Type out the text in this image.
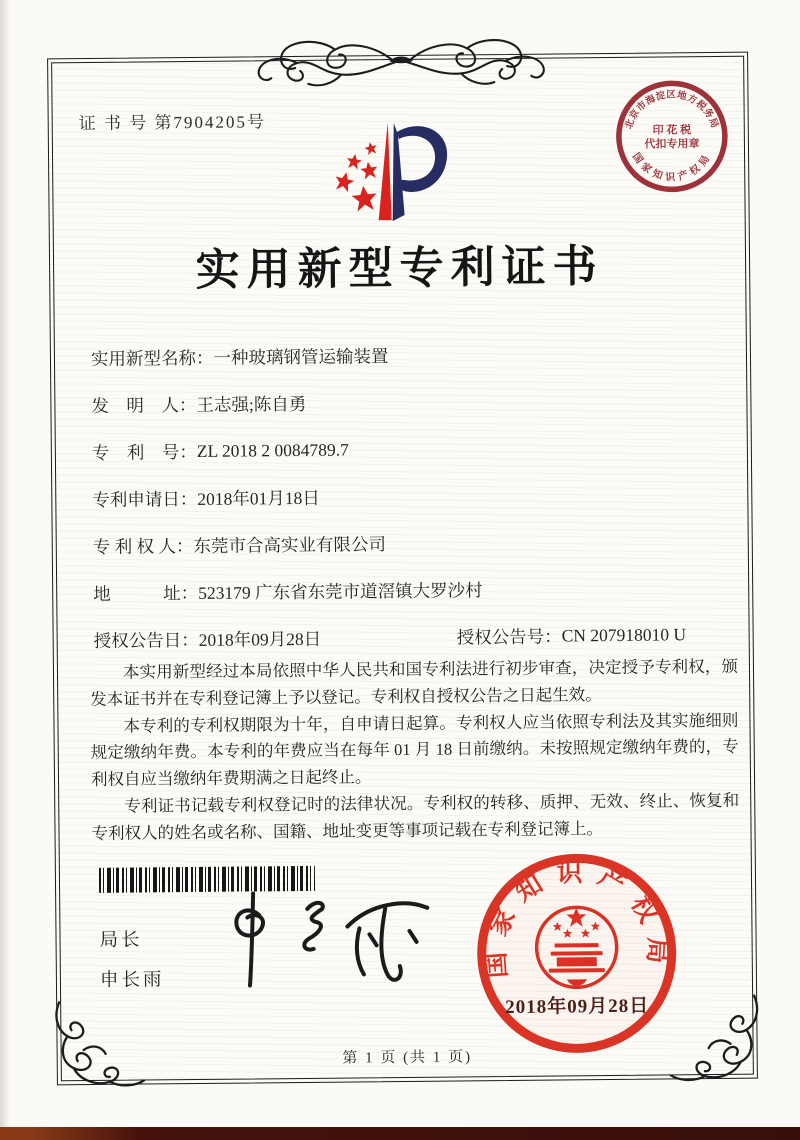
证 书 号 第7904205号	北京市海淀区地方税务局
印 花 税
代扣专用章
国家知识产权局
实用新型专利证书
实用新型名称： 一种玻璃钢管运输装置
发　明　人： 王志强;陈自勇
专　利　号： ZL 2018 2 0084789.7
专利申请日： 2018年01月18日
专 利 权 人： 东莞市合高实业有限公司
地　　　址： 523179 广东省东莞市道滘镇大罗沙村
授权公告日： 2018年09月28日	授权公告号： CN 207918010 U

本实用新型经过本局依照中华人民共和国专利法进行初步审查，决定授予专利权，颁发本证书并在专利登记簿上予以登记。专利权自授权公告之日起生效。

本专利的专利权期限为十年，自申请日起算。专利权人应当依照专利法及其实施细则规定缴纳年费。本专利的年费应当在每年 01 月 18 日前缴纳。未按照规定缴纳年费的，专利权自应当缴纳年费期满之日起终止。

专利证书记载专利权登记时的法律状况。专利权的转移、质押、无效、终止、恢复和专利权人的姓名或名称、国籍、地址变更等事项记载在专利登记簿上。

局长
申长雨
国家知识产权局
2018年09月28日
第 1 页 (共 1 页)
